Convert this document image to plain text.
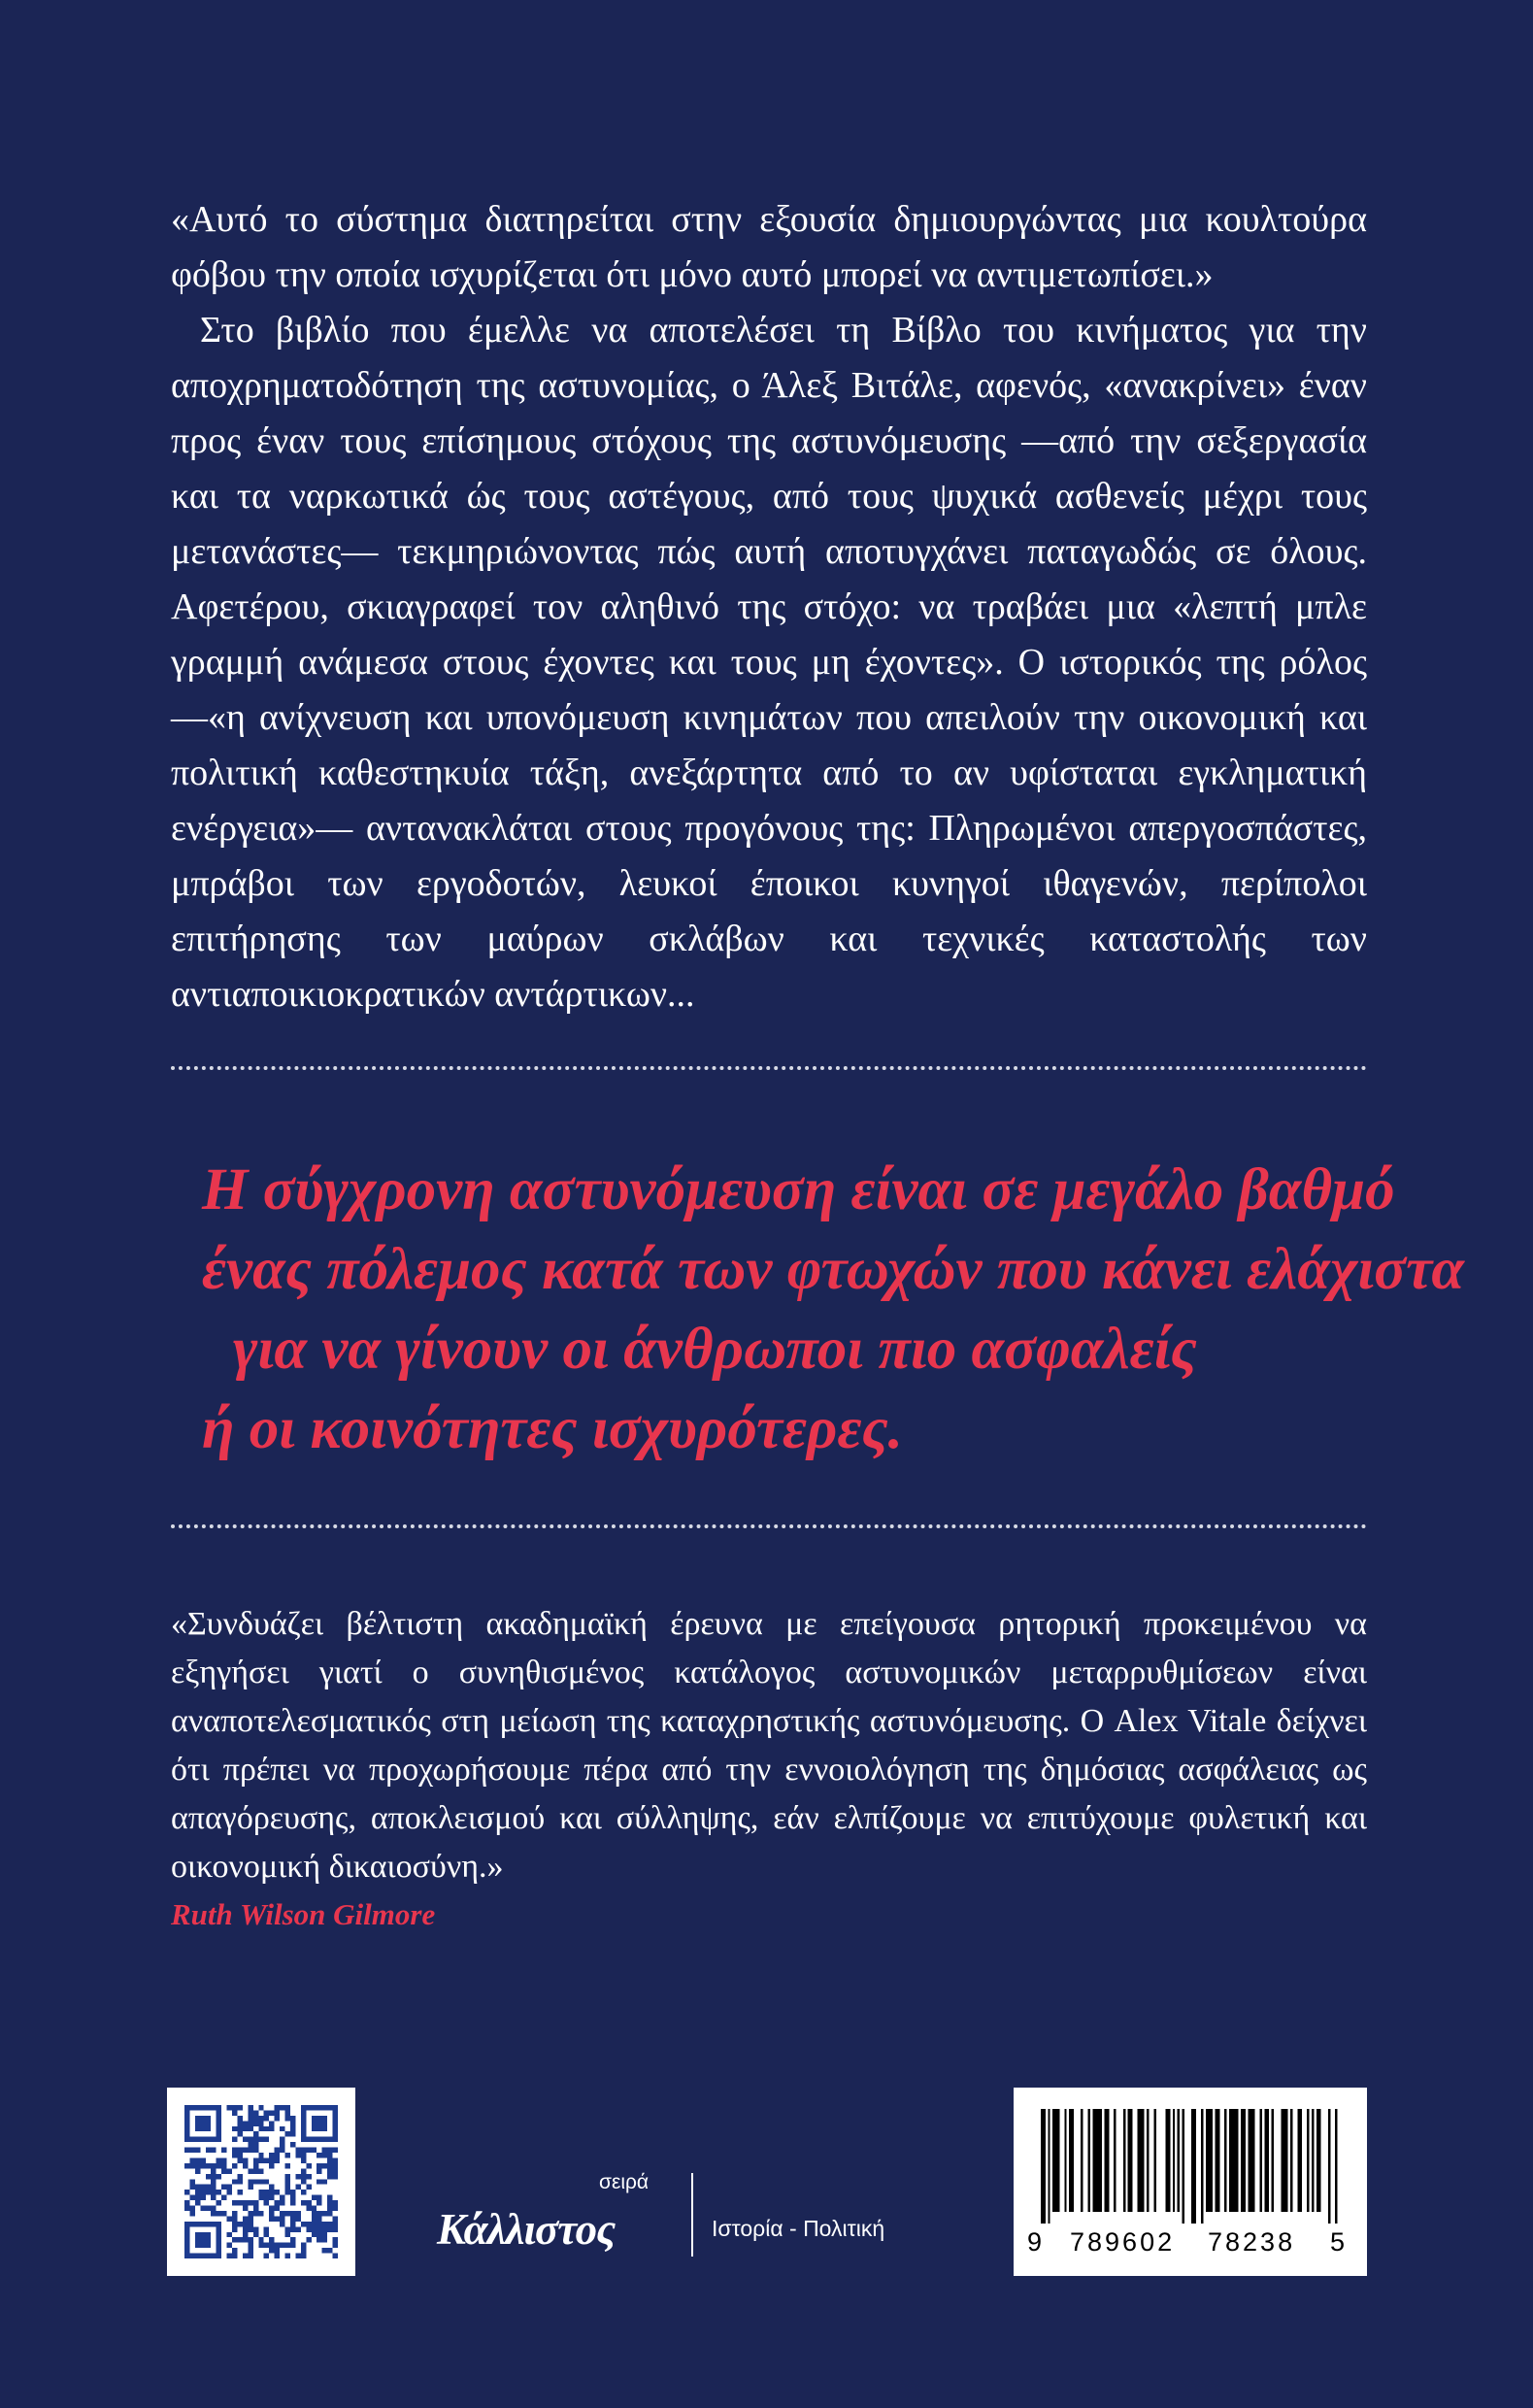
«Αυτό το σύστημα διατηρείται στην εξουσία δημιουργώντας μια κουλτούρα φόβου την οποία ισχυρίζεται ότι μόνο αυτό μπορεί να αντιμετωπίσει.»

Στο βιβλίο που έμελλε να αποτελέσει τη Βίβλο του κινήματος για την αποχρηματοδότηση της αστυνομίας, ο Άλεξ Βιτάλε, αφενός, «ανακρίνει» έναν προς έναν τους επίσημους στόχους της αστυνόμευσης —από την σεξεργασία και τα ναρκωτικά ώς τους αστέγους, από τους ψυχικά ασθενείς μέχρι τους μετανάστες— τεκμηριώνοντας πώς αυτή αποτυγχάνει παταγωδώς σε όλους. Αφετέρου, σκιαγραφεί τον αληθινό της στόχο: να τραβάει μια «λεπτή μπλε γραμμή ανάμεσα στους έχοντες και τους μη έχοντες». Ο ιστορικός της ρόλος —«η ανίχνευση και υπονόμευση κινημάτων που απειλούν την οικονομική και πολιτική καθεστηκυία τάξη, ανεξάρτητα από το αν υφίσταται εγκληματική ενέργεια»— αντανακλάται στους προγόνους της: Πληρωμένοι απεργοσπάστες, μπράβοι των εργοδοτών, λευκοί έποικοι κυνηγοί ιθαγενών, περίπολοι επιτήρησης των μαύρων σκλάβων και τεχνικές καταστολής των αντιαποικιοκρατικών αντάρτικων...

Η σύγχρονη αστυνόμευση είναι σε μεγάλο βαθμό
ένας πόλεμος κατά των φτωχών που κάνει ελάχιστα
για να γίνουν οι άνθρωποι πιο ασφαλείς
ή οι κοινότητες ισχυρότερες.

«Συνδυάζει βέλτιστη ακαδημαϊκή έρευνα με επείγουσα ρητορική προκειμένου να εξηγήσει γιατί ο συνηθισμένος κατάλογος αστυνομικών μεταρρυθμίσεων είναι αναποτελεσματικός στη μείωση της καταχρηστικής αστυνόμευσης. Ο Alex Vitale δείχνει ότι πρέπει να προχωρήσουμε πέρα από την εννοιολόγηση της δημόσιας ασφάλειας ως απαγόρευσης, αποκλεισμού και σύλληψης, εάν ελπίζουμε να επιτύχουμε φυλετική και οικονομική δικαιοσύνη.»

Ruth Wilson Gilmore
σειρά
Κάλλιστος	Ιστορία - Πολιτική	9 789602 78238 5
